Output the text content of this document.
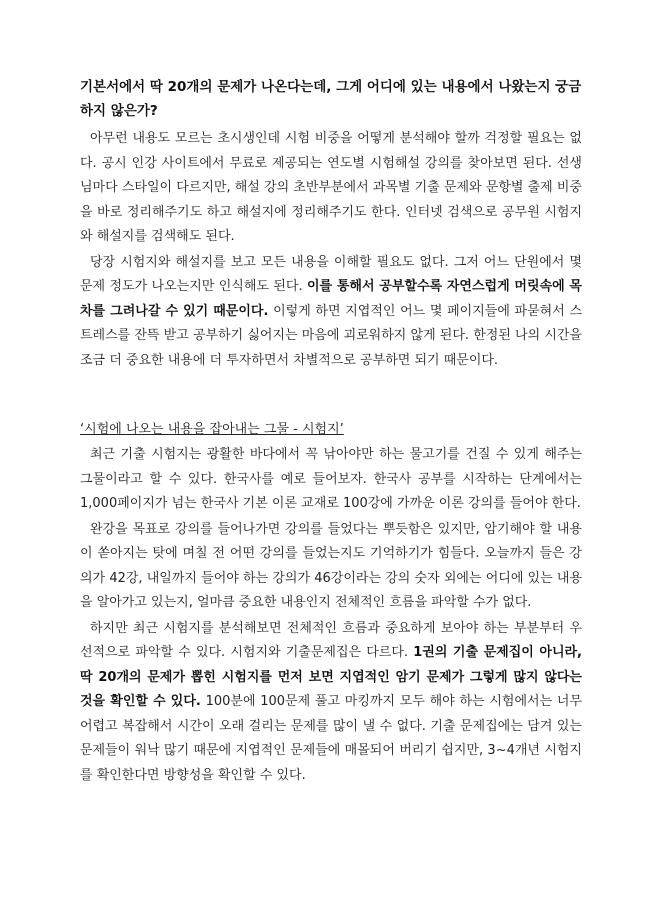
기본서에서 딱 20개의 문제가 나온다는데, 그게 어디에 있는 내용에서 나왔는지 궁금하지 않은가?

아무런 내용도 모르는 초시생인데 시험 비중을 어떻게 분석해야 할까 걱정할 필요는 없다. 공시 인강 사이트에서 무료로 제공되는 연도별 시험해설 강의를 찾아보면 된다. 선생님마다 스타일이 다르지만, 해설 강의 초반부분에서 과목별 기출 문제와 문항별 출제 비중을 바로 정리해주기도 하고 해설지에 정리해주기도 한다. 인터넷 검색으로 공무원 시험지와 해설지를 검색해도 된다.

당장 시험지와 해설지를 보고 모든 내용을 이해할 필요도 없다. 그저 어느 단원에서 몇 문제 정도가 나오는지만 인식해도 된다. 이를 통해서 공부할수록 자연스럽게 머릿속에 목차를 그려나갈 수 있기 때문이다. 이렇게 하면 지엽적인 어느 몇 페이지들에 파묻혀서 스트레스를 잔뜩 받고 공부하기 싫어지는 마음에 괴로워하지 않게 된다. 한정된 나의 시간을 조금 더 중요한 내용에 더 투자하면서 차별적으로 공부하면 되기 때문이다.

‘시험에 나오는 내용을 잡아내는 그물 - 시험지’

최근 기출 시험지는 광활한 바다에서 꼭 낚아야만 하는 물고기를 건질 수 있게 해주는 그물이라고 할 수 있다. 한국사를 예로 들어보자. 한국사 공부를 시작하는 단계에서는 1,000페이지가 넘는 한국사 기본 이론 교재로 100강에 가까운 이론 강의를 들어야 한다.

완강을 목표로 강의를 들어나가면 강의를 들었다는 뿌듯함은 있지만, 암기해야 할 내용이 쏟아지는 탓에 며칠 전 어떤 강의를 들었는지도 기억하기가 힘들다. 오늘까지 들은 강의가 42강, 내일까지 들어야 하는 강의가 46강이라는 강의 숫자 외에는 어디에 있는 내용을 알아가고 있는지, 얼마큼 중요한 내용인지 전체적인 흐름을 파악할 수가 없다.

하지만 최근 시험지를 분석해보면 전체적인 흐름과 중요하게 보아야 하는 부분부터 우선적으로 파악할 수 있다. 시험지와 기출문제집은 다르다. 1권의 기출 문제집이 아니라, 딱 20개의 문제가 뽑힌 시험지를 먼저 보면 지엽적인 암기 문제가 그렇게 많지 않다는 것을 확인할 수 있다. 100분에 100문제 풀고 마킹까지 모두 해야 하는 시험에서는 너무 어렵고 복잡해서 시간이 오래 걸리는 문제를 많이 낼 수 없다. 기출 문제집에는 담겨 있는 문제들이 워낙 많기 때문에 지엽적인 문제들에 매몰되어 버리기 쉽지만, 3~4개년 시험지를 확인한다면 방향성을 확인할 수 있다.
